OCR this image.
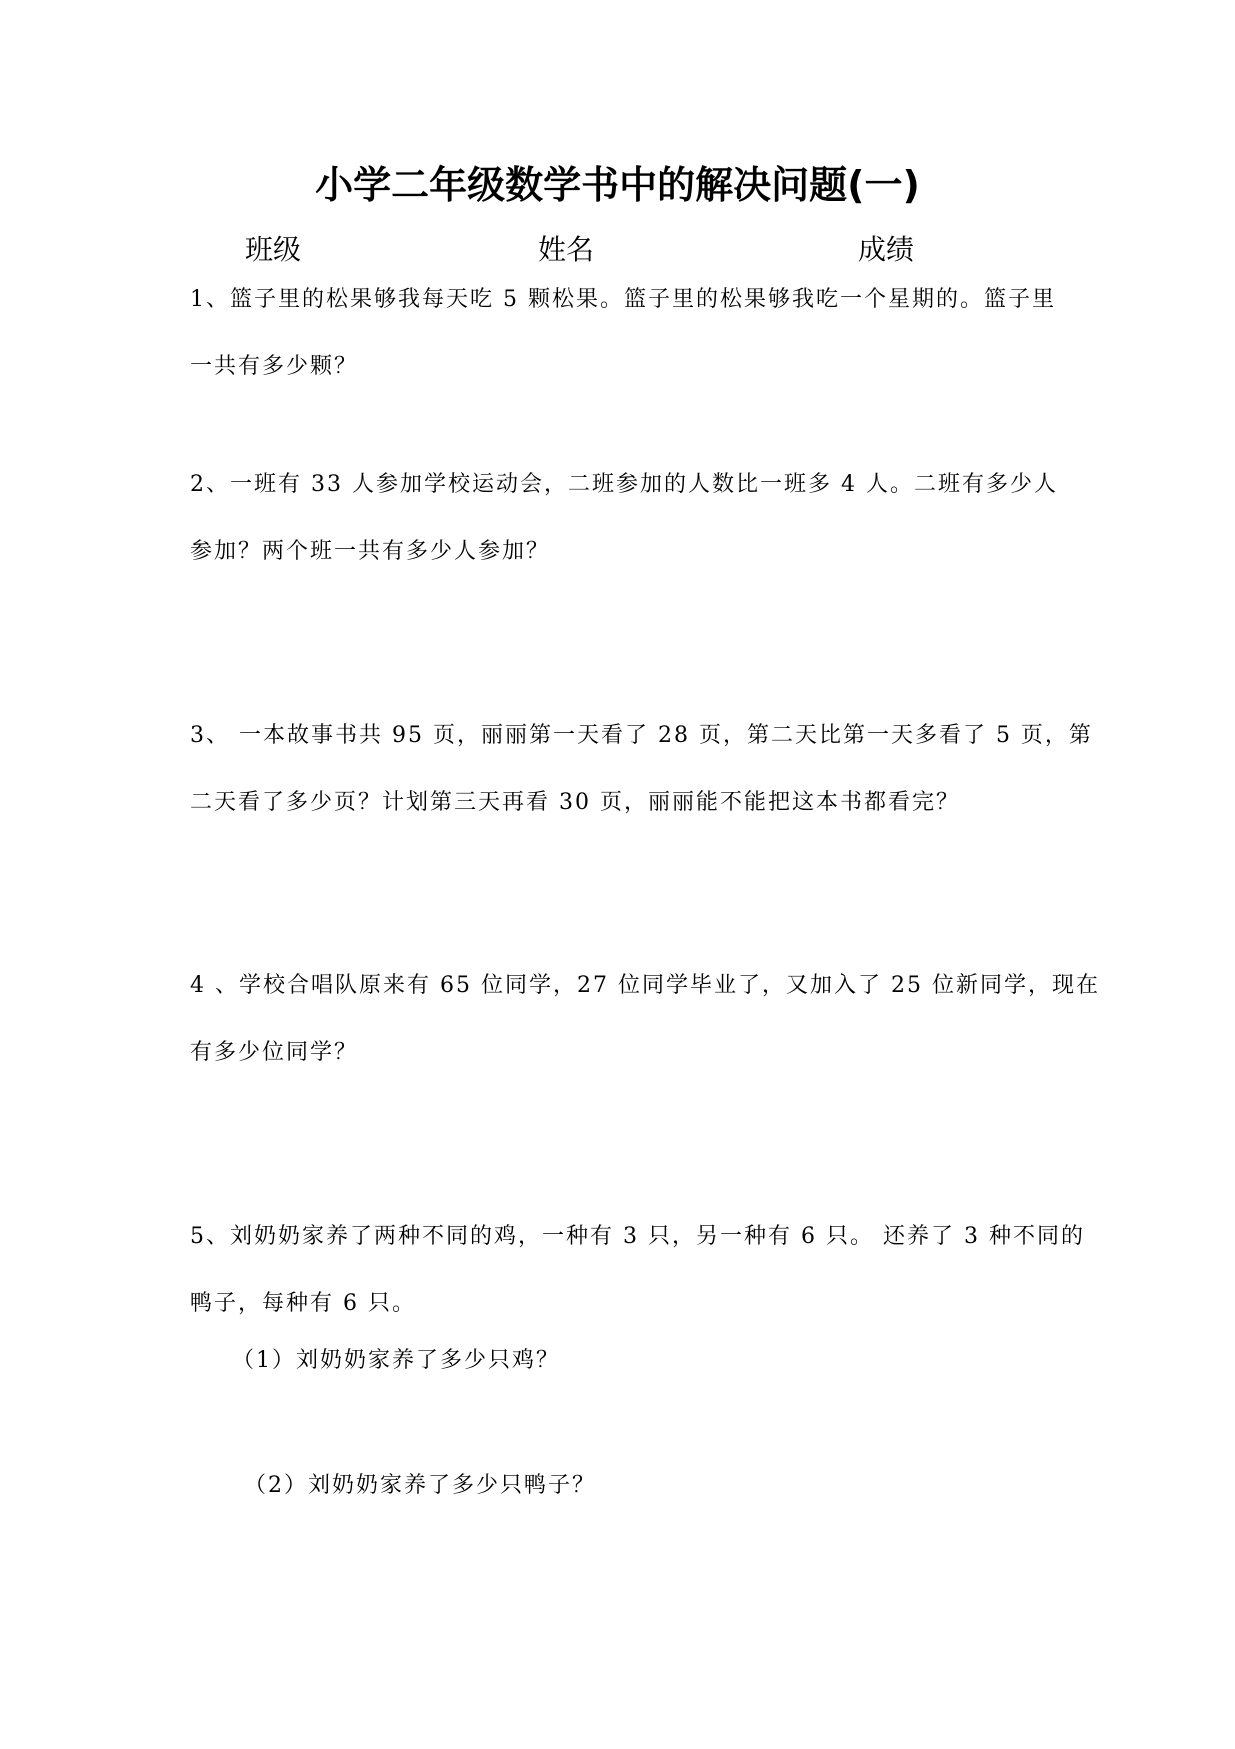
小学二年级数学书中的解决问题(一)
班级	姓名	成绩
1、篮子里的松果够我每天吃 5 颗松果。篮子里的松果够我吃一个星期的。篮子里
一共有多少颗？
2、一班有 33 人参加学校运动会，二班参加的人数比一班多 4 人。二班有多少人
参加？两个班一共有多少人参加？
3、 一本故事书共 95 页，丽丽第一天看了 28 页，第二天比第一天多看了 5 页，第
二天看了多少页？计划第三天再看 30 页，丽丽能不能把这本书都看完？
4 、学校合唱队原来有 65 位同学，27 位同学毕业了，又加入了 25 位新同学，现在
有多少位同学？
5、刘奶奶家养了两种不同的鸡，一种有 3 只，另一种有 6 只。 还养了 3 种不同的
鸭子，每种有 6 只。
（1）刘奶奶家养了多少只鸡？
（2）刘奶奶家养了多少只鸭子？
